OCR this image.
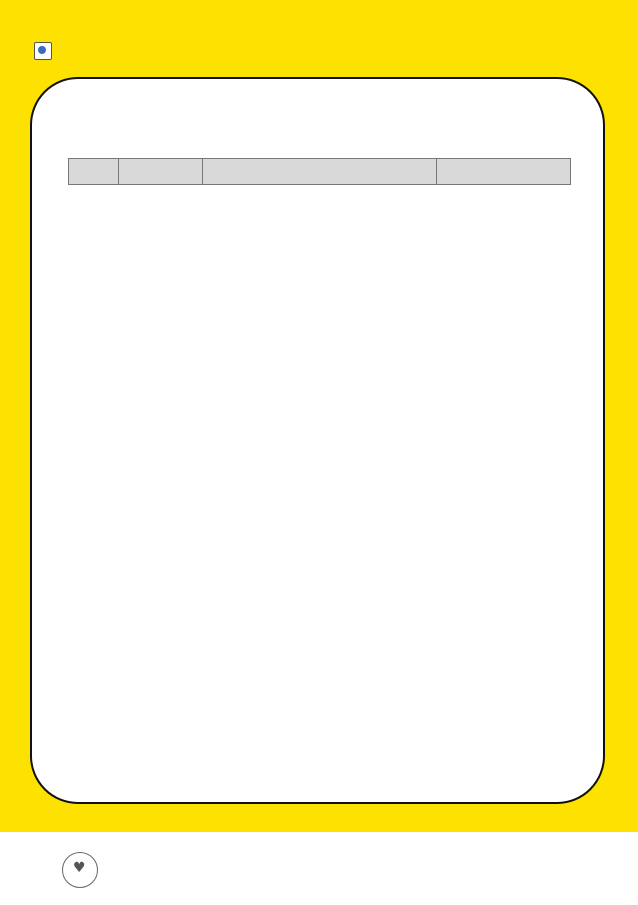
♥
